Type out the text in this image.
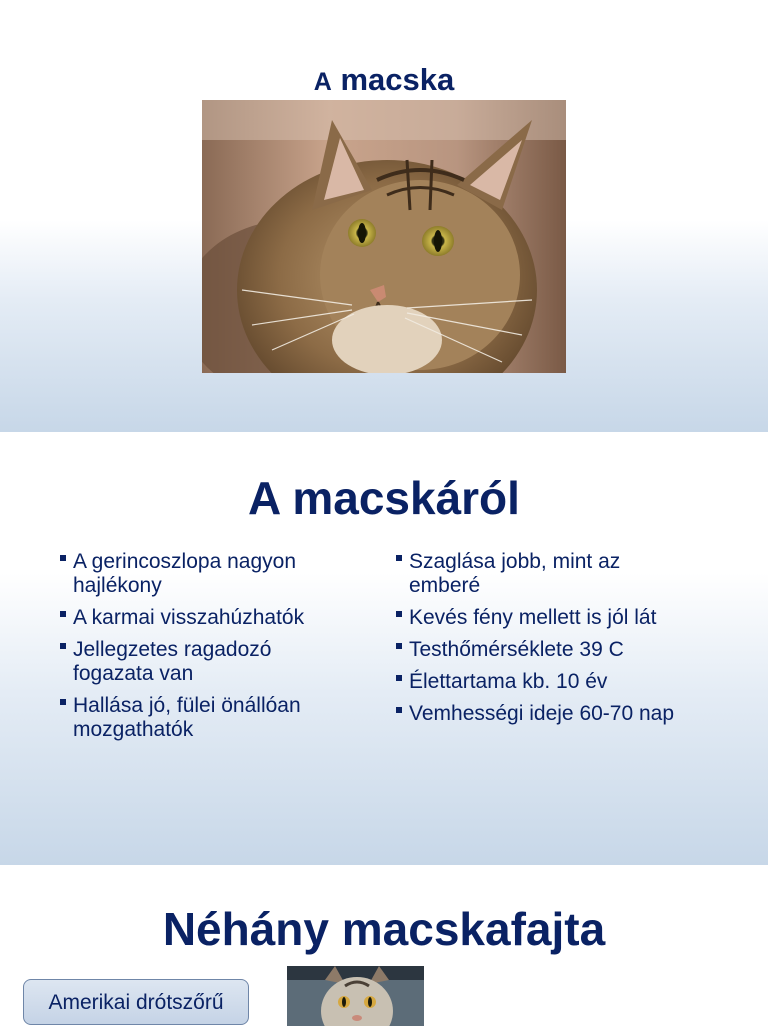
A macska
A macskáról
A gerincoszlopa nagyon hajlékony
A karmai visszahúzhatók
Jellegzetes ragadozó fogazata van
Hallása jó, fülei önállóan mozgathatók
Szaglása jobb, mint az emberé
Kevés fény mellett is jól lát
Testhőmérséklete 39 C
Élettartama kb. 10 év
Vemhességi ideje 60-70 nap
Néhány macskafajta
Amerikai drótszőrű
